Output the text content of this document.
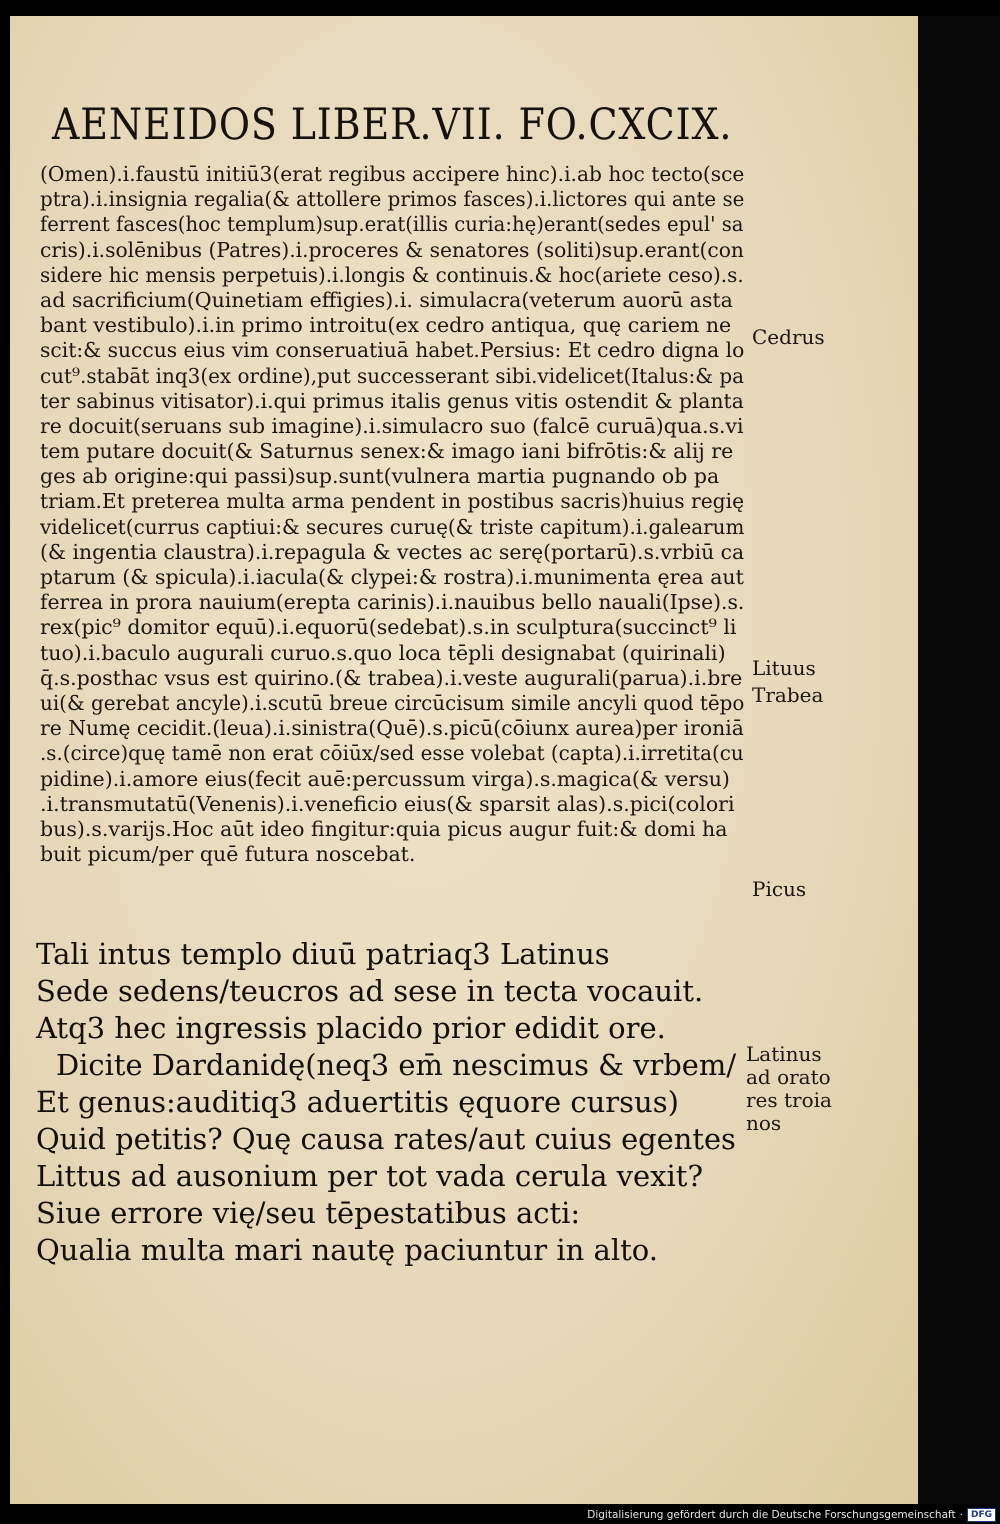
AENEIDOS LIBER.VII. FO.CXCIX.
(Omen).i.faustū initiū3(erat regibus accipere hinc).i.ab hoc tecto(sce
ptra).i.insignia regalia(& attollere primos fasces).i.lictores qui ante se
ferrent fasces(hoc templum)sup.erat(illis curia:hę)erant(sedes epul' sa
cris).i.solēnibus (Patres).i.proceres & senatores (soliti)sup.erant(con
sidere hic mensis perpetuis).i.longis & continuis.& hoc(ariete ceso).s.
ad sacrificium(Quinetiam effigies).i. simulacra(veterum auorū asta
bant vestibulo).i.in primo introitu(ex cedro antiqua, quę cariem ne
scit:& succus eius vim conseruatiuā habet.Persius: Et cedro digna lo
cut⁹.stabāt inq3(ex ordine),put successerant sibi.videlicet(Italus:& pa
ter sabinus vitisator).i.qui primus italis genus vitis ostendit & planta
re docuit(seruans sub imagine).i.simulacro suo (falcē curuā)qua.s.vi
tem putare docuit(& Saturnus senex:& imago iani bifrōtis:& alij re
ges ab origine:qui passi)sup.sunt(vulnera martia pugnando ob pa
triam.Et preterea multa arma pendent in postibus sacris)huius regię
videlicet(currus captiui:& secures curuę(& triste capitum).i.galearum
(& ingentia claustra).i.repagula & vectes ac serę(portarū).s.vrbiū ca
ptarum (& spicula).i.iacula(& clypei:& rostra).i.munimenta ęrea aut
ferrea in prora nauium(erepta carinis).i.nauibus bello nauali(Ipse).s.
rex(pic⁹ domitor equū).i.equorū(sedebat).s.in sculptura(succinct⁹ li
tuo).i.baculo augurali curuo.s.quo loca tēpli designabat (quirinali)
q̄.s.posthac vsus est quirino.(& trabea).i.veste augurali(parua).i.bre
ui(& gerebat ancyle).i.scutū breue circūcisum simile ancyli quod tēpo
re Numę cecidit.(leua).i.sinistra(Quē).s.picū(cōiunx aurea)per ironiā
.s.(circe)quę tamē non erat cōiūx/sed esse volebat (capta).i.irretita(cu
pidine).i.amore eius(fecit auē:percussum virga).s.magica(& versu)
.i.transmutatū(Venenis).i.veneficio eius(& sparsit alas).s.pici(colori
bus).s.varijs.Hoc aūt ideo fingitur:quia picus augur fuit:& domi ha
buit picum/per quē futura noscebat.
Tali intus templo diuū patriaq3 Latinus
Sede sedens/teucros ad sese in tecta vocauit.
Atq3 hec ingressis placido prior edidit ore.
Dicite Dardanidę(neq3 em̄ nescimus & vrbem/
Et genus:auditiq3 aduertitis ęquore cursus)
Quid petitis? Quę causa rates/aut cuius egentes
Littus ad ausonium per tot vada cerula vexit?
Siue errore vię/seu tēpestatibus acti:
Qualia multa mari nautę paciuntur in alto.
Cedrus
Lituus
Trabea
Picus
Latinus
ad orato
res troia
nos
Digitalisierung gefördert durch die Deutsche Forschungsgemeinschaft · DFG
